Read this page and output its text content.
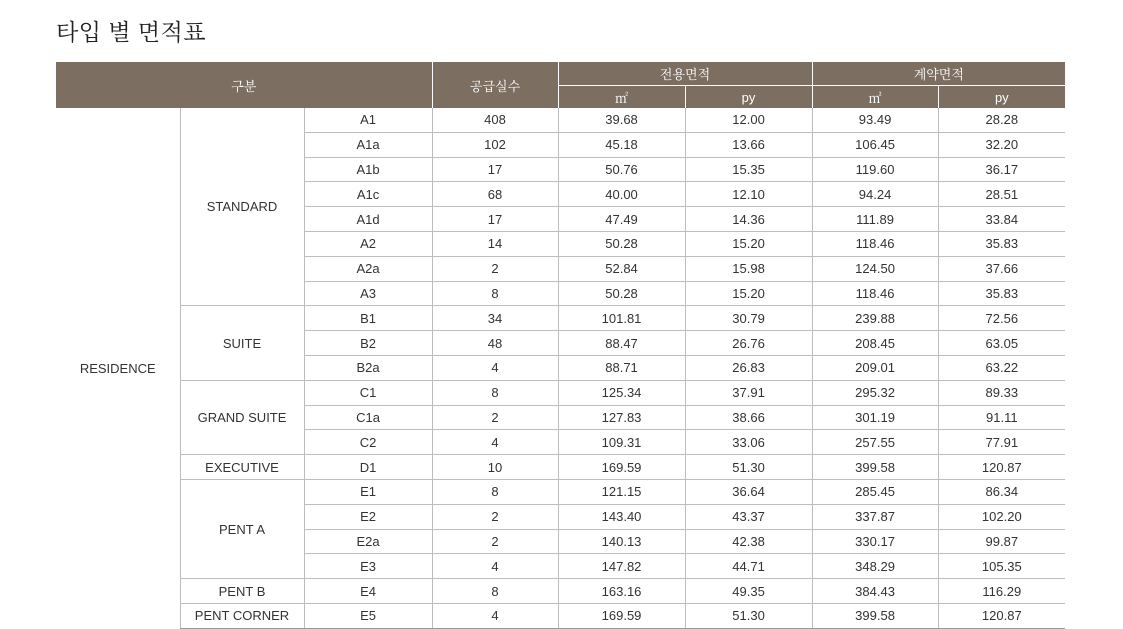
타입 별 면적표
구분			공급실수	전용면적		계약면적	
				㎡	py	㎡	py
RESIDENCE	STANDARD	A1	408	39.68	12.00	93.49	28.28
		A1a	102	45.18	13.66	106.45	32.20
		A1b	17	50.76	15.35	119.60	36.17
		A1c	68	40.00	12.10	94.24	28.51
		A1d	17	47.49	14.36	111.89	33.84
		A2	14	50.28	15.20	118.46	35.83
		A2a	2	52.84	15.98	124.50	37.66
		A3	8	50.28	15.20	118.46	35.83
	SUITE	B1	34	101.81	30.79	239.88	72.56
		B2	48	88.47	26.76	208.45	63.05
		B2a	4	88.71	26.83	209.01	63.22
	GRAND SUITE	C1	8	125.34	37.91	295.32	89.33
		C1a	2	127.83	38.66	301.19	91.11
		C2	4	109.31	33.06	257.55	77.91
	EXECUTIVE	D1	10	169.59	51.30	399.58	120.87
	PENT A	E1	8	121.15	36.64	285.45	86.34
		E2	2	143.40	43.37	337.87	102.20
		E2a	2	140.13	42.38	330.17	99.87
		E3	4	147.82	44.71	348.29	105.35
	PENT B	E4	8	163.16	49.35	384.43	116.29
	PENT CORNER	E5	4	169.59	51.30	399.58	120.87
